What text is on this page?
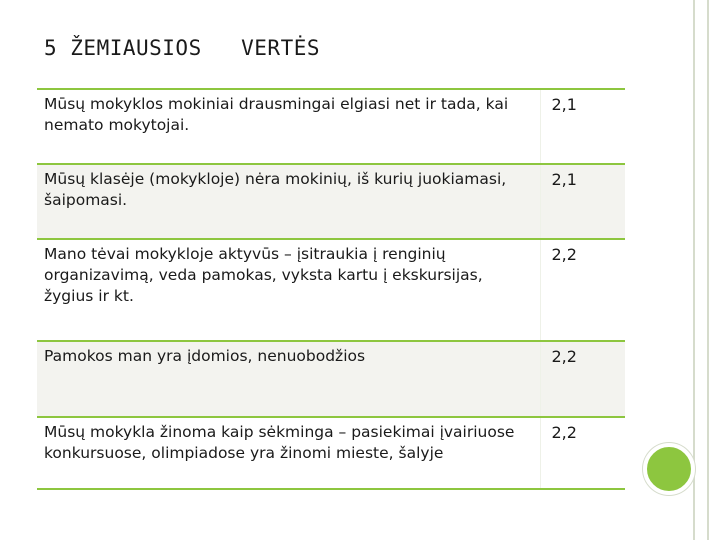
5 ŽEMIAUSIOS   VERTĖS
Mūsų mokyklos mokiniai drausmingai elgiasi net ir tada, kai nemato mokytojai.	2,1
Mūsų klasėje (mokykloje) nėra mokinių, iš kurių juokiamasi, šaipomasi.	2,1
Mano tėvai mokykloje aktyvūs – įsitraukia į renginių organizavimą, veda pamokas, vyksta kartu į ekskursijas, žygius ir kt.	2,2
Pamokos man yra įdomios, nenuobodžios	2,2
Mūsų mokykla žinoma kaip sėkminga – pasiekimai įvairiuose konkursuose, olimpiadose yra žinomi mieste, šalyje	2,2
